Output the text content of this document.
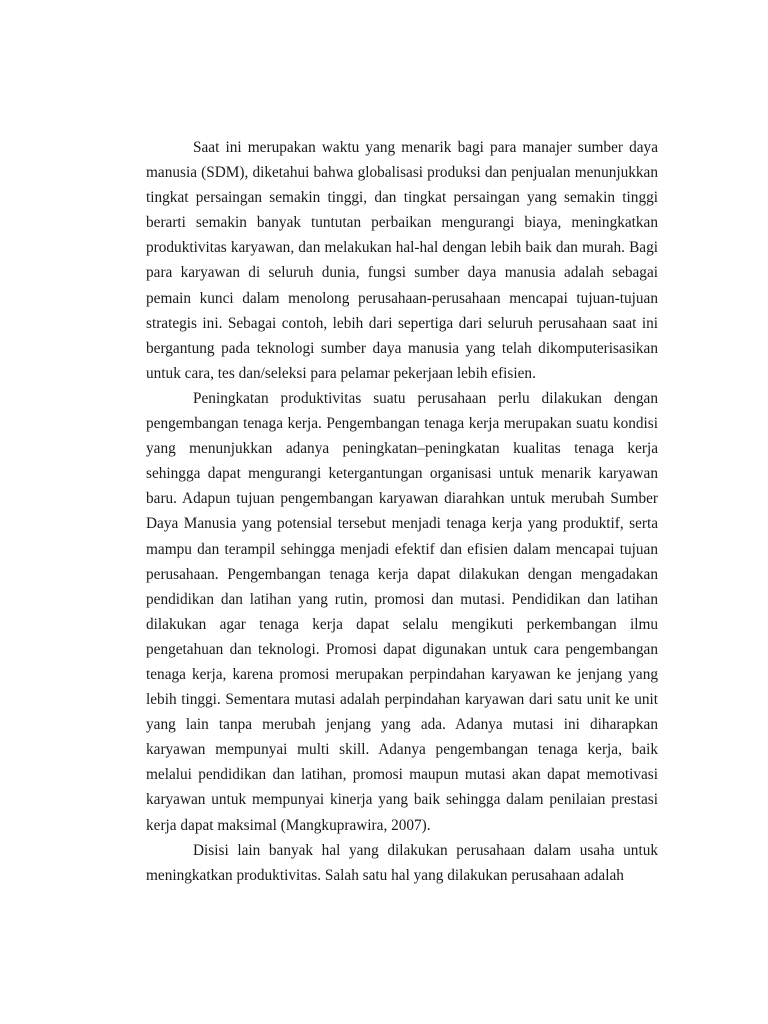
Saat ini merupakan waktu yang menarik bagi para manajer sumber daya manusia (SDM), diketahui bahwa globalisasi produksi dan penjualan menunjukkan tingkat persaingan semakin tinggi, dan tingkat persaingan yang semakin tinggi berarti semakin banyak tuntutan perbaikan mengurangi biaya, meningkatkan produktivitas karyawan, dan melakukan hal-hal dengan lebih baik dan murah. Bagi para karyawan di seluruh dunia, fungsi sumber daya manusia adalah sebagai pemain kunci dalam menolong perusahaan-perusahaan mencapai tujuan-tujuan strategis ini. Sebagai contoh, lebih dari sepertiga dari seluruh perusahaan saat ini bergantung pada teknologi sumber daya manusia yang telah dikomputerisasikan untuk cara, tes dan/seleksi para pelamar pekerjaan lebih efisien.

Peningkatan produktivitas suatu perusahaan perlu dilakukan dengan pengembangan tenaga kerja. Pengembangan tenaga kerja merupakan suatu kondisi yang menunjukkan adanya peningkatan–peningkatan kualitas tenaga kerja sehingga dapat mengurangi ketergantungan organisasi untuk menarik karyawan baru. Adapun tujuan pengembangan karyawan diarahkan untuk merubah Sumber Daya Manusia yang potensial tersebut menjadi tenaga kerja yang produktif, serta mampu dan terampil sehingga menjadi efektif dan efisien dalam mencapai tujuan perusahaan. Pengembangan tenaga kerja dapat dilakukan dengan mengadakan pendidikan dan latihan yang rutin, promosi dan mutasi. Pendidikan dan latihan dilakukan agar tenaga kerja dapat selalu mengikuti perkembangan ilmu pengetahuan dan teknologi. Promosi dapat digunakan untuk cara pengembangan tenaga kerja, karena promosi merupakan perpindahan karyawan ke jenjang yang lebih tinggi. Sementara mutasi adalah perpindahan karyawan dari satu unit ke unit yang lain tanpa merubah jenjang yang ada. Adanya mutasi ini diharapkan karyawan mempunyai multi skill. Adanya pengembangan tenaga kerja, baik melalui pendidikan dan latihan, promosi maupun mutasi akan dapat memotivasi karyawan untuk mempunyai kinerja yang baik sehingga dalam penilaian prestasi kerja dapat maksimal (Mangkuprawira, 2007).

Disisi lain banyak hal yang dilakukan perusahaan dalam usaha untuk meningkatkan produktivitas. Salah satu hal yang dilakukan perusahaan adalah
